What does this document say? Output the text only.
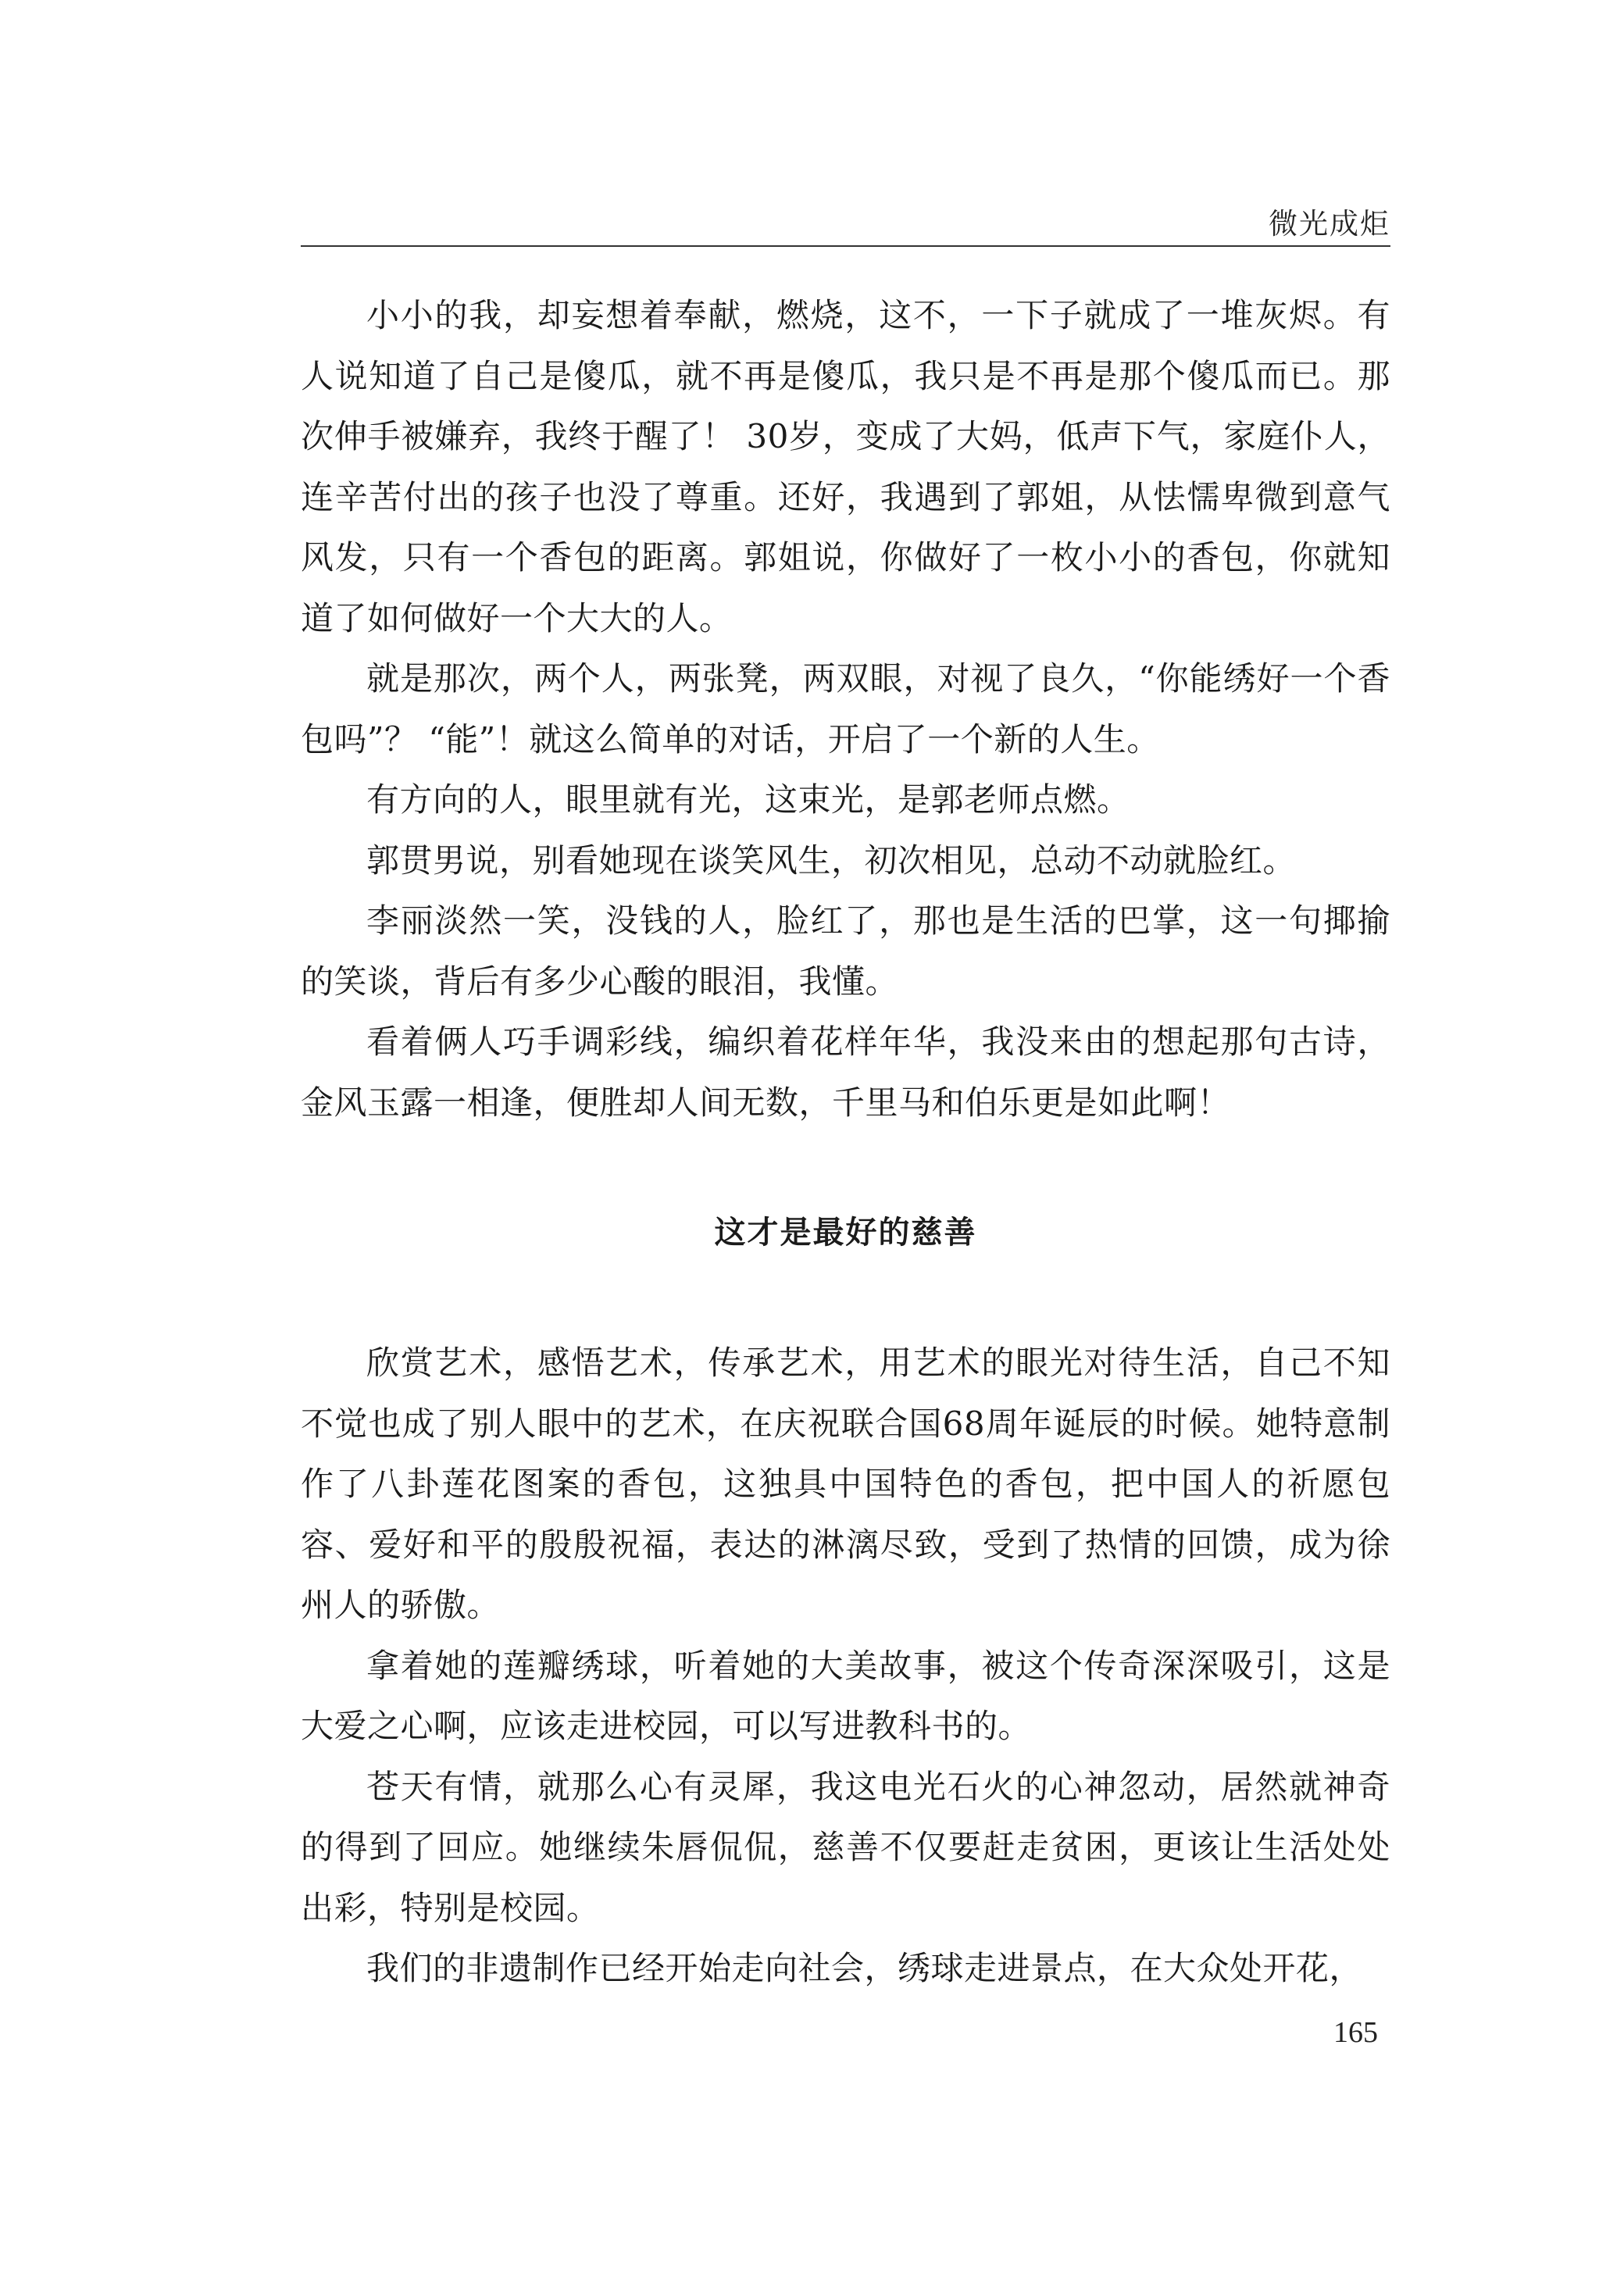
微光成炬

小小的我，却妄想着奉献，燃烧，这不，一下子就成了一堆灰烬。有人说知道了自己是傻瓜，就不再是傻瓜，我只是不再是那个傻瓜而已。那次伸手被嫌弃，我终于醒了！ 30岁，变成了大妈，低声下气，家庭仆人，连辛苦付出的孩子也没了尊重。还好，我遇到了郭姐，从怯懦卑微到意气风发，只有一个香包的距离。郭姐说，你做好了一枚小小的香包，你就知道了如何做好一个大大的人。

就是那次，两个人，两张凳，两双眼，对视了良久，“你能绣好一个香包吗”？ “能”！就这么简单的对话，开启了一个新的人生。

有方向的人，眼里就有光，这束光，是郭老师点燃。

郭贯男说，别看她现在谈笑风生，初次相见，总动不动就脸红。

李丽淡然一笑，没钱的人，脸红了，那也是生活的巴掌，这一句揶揄的笑谈，背后有多少心酸的眼泪，我懂。

看着俩人巧手调彩线，编织着花样年华，我没来由的想起那句古诗，金风玉露一相逢，便胜却人间无数，千里马和伯乐更是如此啊！

这才是最好的慈善

欣赏艺术，感悟艺术，传承艺术，用艺术的眼光对待生活，自己不知不觉也成了别人眼中的艺术，在庆祝联合国68周年诞辰的时候。她特意制作了八卦莲花图案的香包，这独具中国特色的香包，把中国人的祈愿包容、爱好和平的殷殷祝福，表达的淋漓尽致，受到了热情的回馈，成为徐州人的骄傲。

拿着她的莲瓣绣球，听着她的大美故事，被这个传奇深深吸引，这是大爱之心啊，应该走进校园，可以写进教科书的。

苍天有情，就那么心有灵犀，我这电光石火的心神忽动，居然就神奇的得到了回应。她继续朱唇侃侃，慈善不仅要赶走贫困，更该让生活处处出彩，特别是校园。

我们的非遗制作已经开始走向社会，绣球走进景点，在大众处开花，

165
